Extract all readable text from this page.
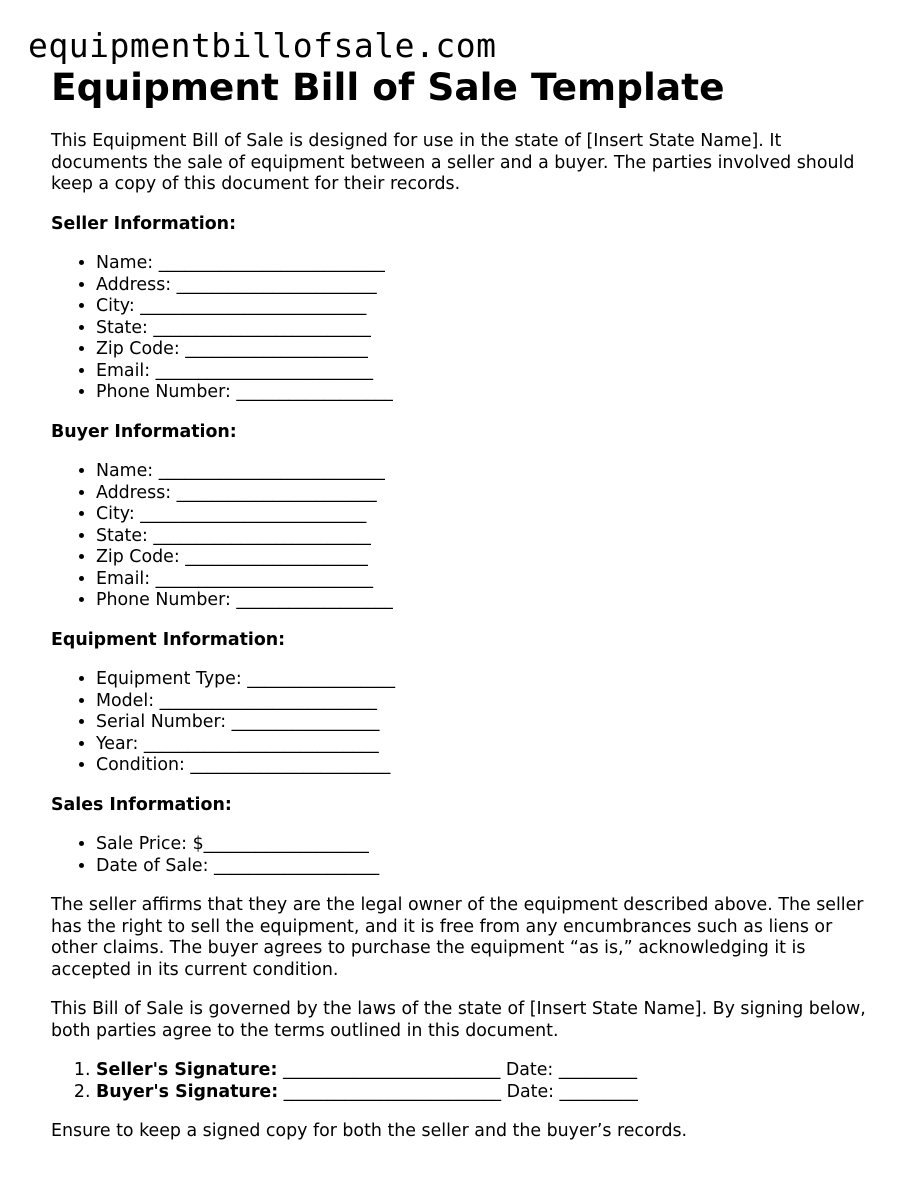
equipmentbillofsale.com
Equipment Bill of Sale Template

This Equipment Bill of Sale is designed for use in the state of [Insert State Name]. It documents the sale of equipment between a seller and a buyer. The parties involved should keep a copy of this document for their records.

Seller Information:
• Name: __________________________
• Address: _______________________
• City: __________________________
• State: _________________________
• Zip Code: _____________________
• Email: _________________________
• Phone Number: __________________
Buyer Information:
• Name: __________________________
• Address: _______________________
• City: __________________________
• State: _________________________
• Zip Code: _____________________
• Email: _________________________
• Phone Number: __________________
Equipment Information:
• Equipment Type: _________________
• Model: _________________________
• Serial Number: _________________
• Year: ___________________________
• Condition: _______________________
Sales Information:
• Sale Price: $___________________
• Date of Sale: ___________________

The seller affirms that they are the legal owner of the equipment described above. The seller has the right to sell the equipment, and it is free from any encumbrances such as liens or other claims. The buyer agrees to purchase the equipment “as is,” acknowledging it is accepted in its current condition.

This Bill of Sale is governed by the laws of the state of [Insert State Name]. By signing below, both parties agree to the terms outlined in this document.

1. Seller's Signature: _________________________ Date: _________
2. Buyer's Signature: _________________________ Date: _________

Ensure to keep a signed copy for both the seller and the buyer’s records.
